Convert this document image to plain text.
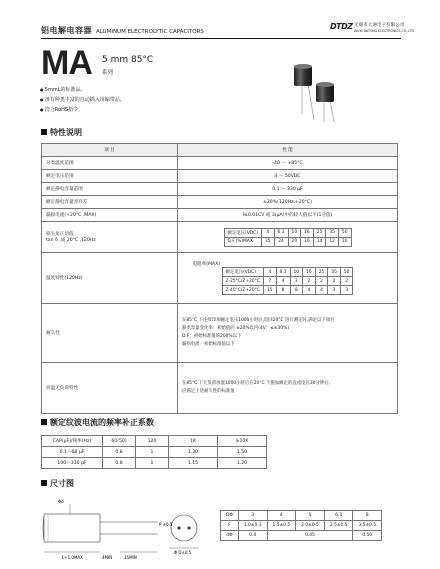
铝电解电容器 ALUMINUM ELECTROLYTIC CAPACITORS
DTDZ 无锡市大通电子有限公司
WUXI DATONG ELECTRONICS CO.,LTD
MA 5 mm 85°C
系列
● 5mmL的标准品。
● 备有种类丰富的自动插入用编带品。
● 符合RoHS指令。
特性说明
项 目	性 能
分类温度范围	-40 ～ +85°C
额定电压范围	4 ～ 50VDC
额定静电容量范围	0.1 ～ 330 μF
额定静电容量容许差	±20%(120Hz,+20°C)
漏损电流(+20°C ,MAX)	I≤0.01CV 或 3(μA)中的较大值以下(1分值)

损失角正切值
tan δ ,成 20°C ,120Hz

额定电压(VDC)	4	6.3	10	16	25	35	50
D.F.(%)MAX	35	24	20	16	14	12	10

温度特性(120Hz)	
电阻率(MAX)
额定电压(VDC)	4	6.3	10	16	25	35	50
Z-25°C/Z+20°C	7	4	3	2	2	2	2
Z-40°C/Z+20°C	15	8	8	4	4	3	3

耐久性	
在85°C 下连续印加额定电压1000小时后,返回20°C 进行测定时,满足以下项目
静电容量变化率：初始值的 ±20%以内(4V：≤±30%)
D.F：初始标准值的200%以下
漏损电流：初始标准值以下

高温无负荷特性	
在85°C 下无负荷放置1000小时后在20°C 下施加额定的直流电压30分钟后,
应满足上述耐久性的标准值
额定纹波电流的频率补正系数
CAP(μF)/频率(Hz)	60(50)	120	1K	≥10K
0.1～68 μF	0.8	1	1.30	1.50
100～330 μF	0.8	1	1.15	1.20
尺寸图
Φd
L+1.0MAX	15MIN
4MIN
Φ D±0.5
P ±0.5
DΦ	3	4	5	6.3	8
F	1.0±0.3	1.5±0.5	2.0±0.5	2.5±0.5	3.5±0.5
dΦ	0.4	0.45			0.50
